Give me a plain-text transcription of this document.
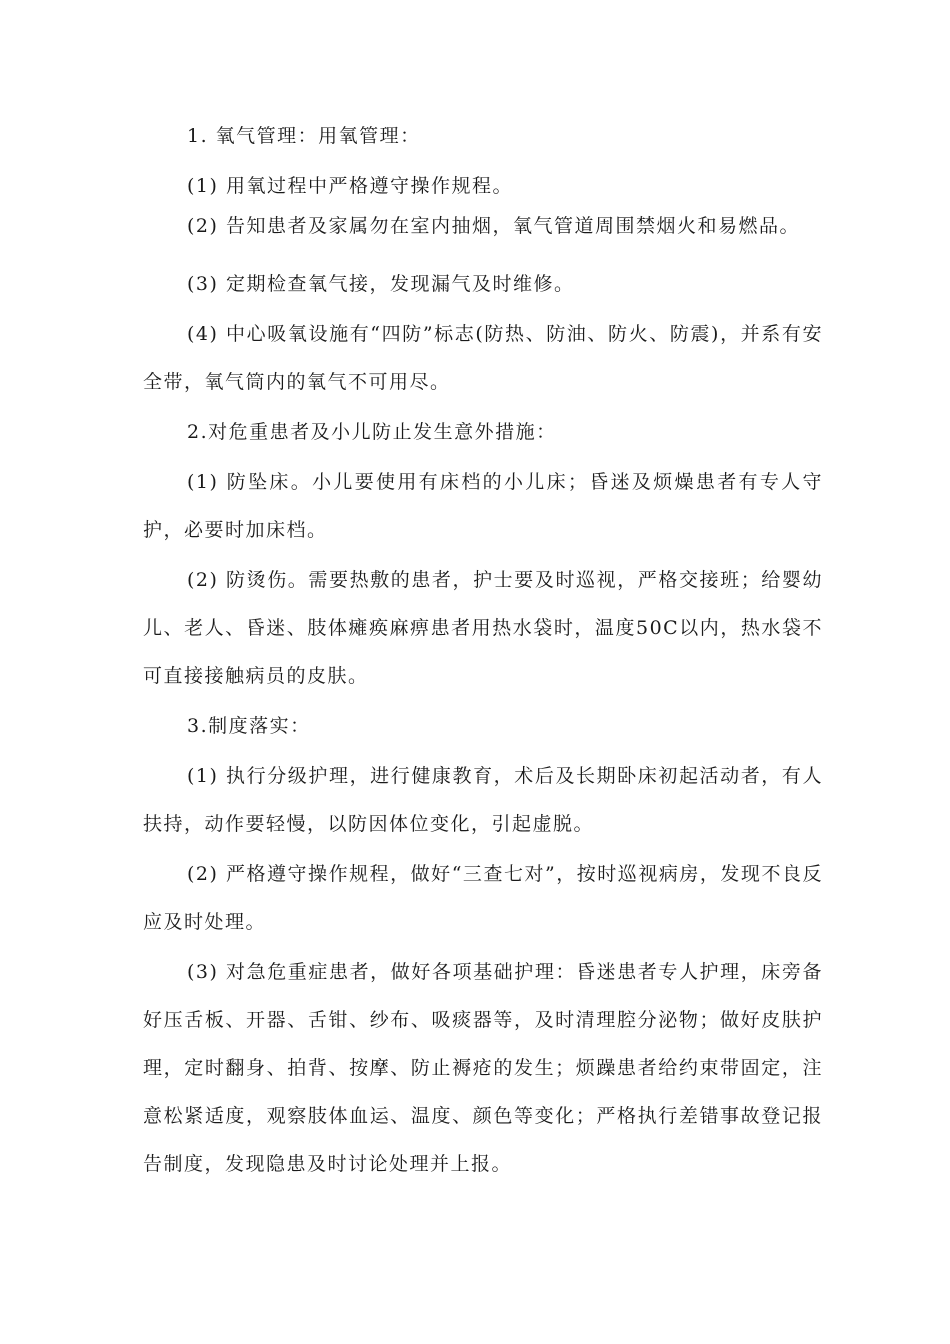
1. 氧气管理：用氧管理：

(1) 用氧过程中严格遵守操作规程。

(2) 告知患者及家属勿在室内抽烟，氧气管道周围禁烟火和易燃品。

(3) 定期检查氧气接，发现漏气及时维修。

(4) 中心吸氧设施有“四防”标志(防热、防油、防火、防震)，并系有安全带，氧气筒内的氧气不可用尽。

2.对危重患者及小儿防止发生意外措施：

(1) 防坠床。小儿要使用有床档的小儿床；昏迷及烦燥患者有专人守护，必要时加床档。

(2) 防烫伤。需要热敷的患者，护士要及时巡视，严格交接班；给婴幼儿、老人、昏迷、肢体瘫痪麻痹患者用热水袋时，温度50C以内，热水袋不可直接接触病员的皮肤。

3.制度落实：

(1) 执行分级护理，进行健康教育，术后及长期卧床初起活动者，有人扶持，动作要轻慢，以防因体位变化，引起虚脱。

(2) 严格遵守操作规程，做好“三查七对”，按时巡视病房，发现不良反应及时处理。

(3) 对急危重症患者，做好各项基础护理：昏迷患者专人护理，床旁备好压舌板、开器、舌钳、纱布、吸痰器等，及时清理腔分泌物；做好皮肤护理，定时翻身、拍背、按摩、防止褥疮的发生；烦躁患者给约束带固定，注意松紧适度，观察肢体血运、温度、颜色等变化；严格执行差错事故登记报告制度，发现隐患及时讨论处理并上报。
